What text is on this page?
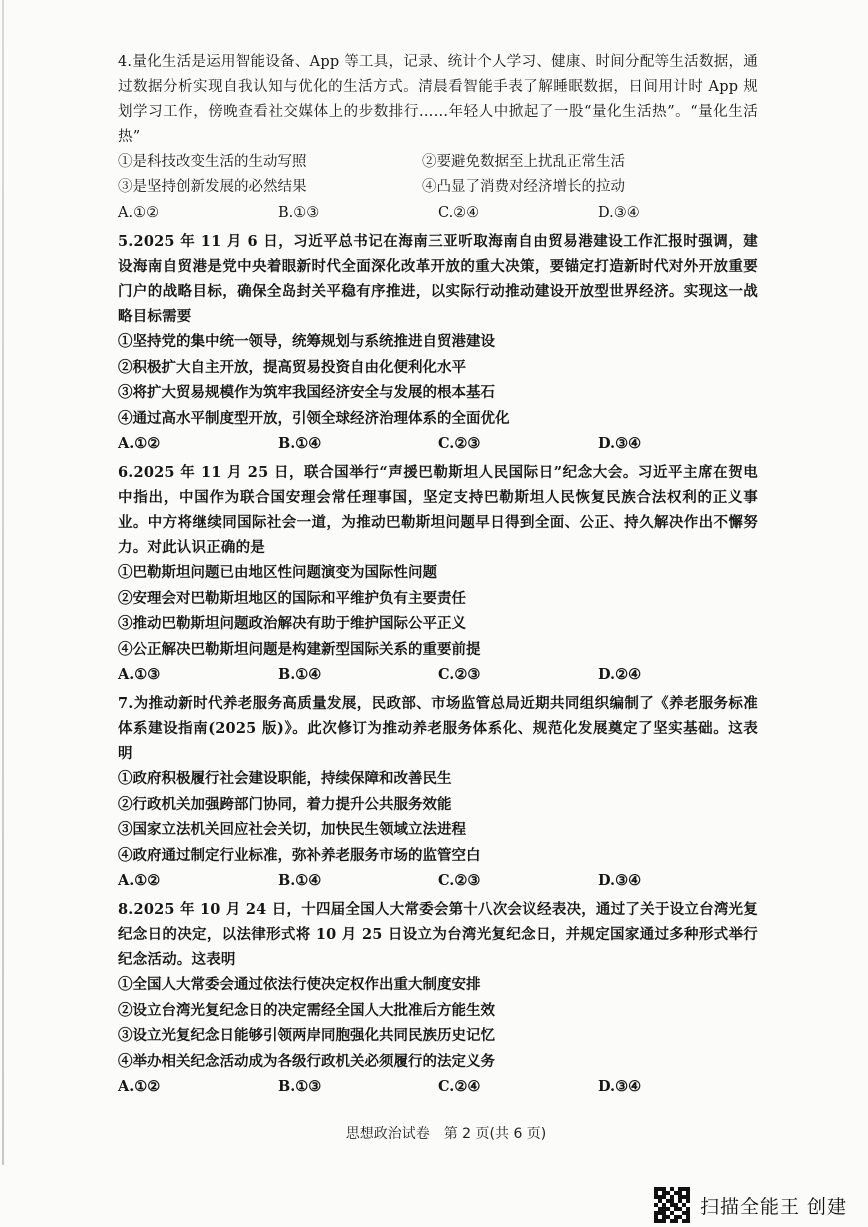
4.量化生活是运用智能设备、App 等工具，记录、统计个人学习、健康、时间分配等生活数据，通过数据分析实现自我认知与优化的生活方式。清晨看智能手表了解睡眠数据，日间用计时 App 规划学习工作，傍晚查看社交媒体上的步数排行……年轻人中掀起了一股“量化生活热”。“量化生活热”

①是科技改变生活的生动写照	②要避免数据至上扰乱正常生活
③是坚持创新发展的必然结果	④凸显了消费对经济增长的拉动
A.①②	B.①③	C.②④	D.③④

5.2025 年 11 月 6 日，习近平总书记在海南三亚听取海南自由贸易港建设工作汇报时强调，建设海南自贸港是党中央着眼新时代全面深化改革开放的重大决策，要锚定打造新时代对外开放重要门户的战略目标，确保全岛封关平稳有序推进，以实际行动推动建设开放型世界经济。实现这一战略目标需要

①坚持党的集中统一领导，统筹规划与系统推进自贸港建设
②积极扩大自主开放，提高贸易投资自由化便利化水平
③将扩大贸易规模作为筑牢我国经济安全与发展的根本基石
④通过高水平制度型开放，引领全球经济治理体系的全面优化
A.①②	B.①④	C.②③	D.③④

6.2025 年 11 月 25 日，联合国举行“声援巴勒斯坦人民国际日”纪念大会。习近平主席在贺电中指出，中国作为联合国安理会常任理事国，坚定支持巴勒斯坦人民恢复民族合法权利的正义事业。中方将继续同国际社会一道，为推动巴勒斯坦问题早日得到全面、公正、持久解决作出不懈努力。对此认识正确的是

①巴勒斯坦问题已由地区性问题演变为国际性问题
②安理会对巴勒斯坦地区的国际和平维护负有主要责任
③推动巴勒斯坦问题政治解决有助于维护国际公平正义
④公正解决巴勒斯坦问题是构建新型国际关系的重要前提
A.①③	B.①④	C.②③	D.②④

7.为推动新时代养老服务高质量发展，民政部、市场监管总局近期共同组织编制了《养老服务标准体系建设指南(2025 版)》。此次修订为推动养老服务体系化、规范化发展奠定了坚实基础。这表明

①政府积极履行社会建设职能，持续保障和改善民生
②行政机关加强跨部门协同，着力提升公共服务效能
③国家立法机关回应社会关切，加快民生领域立法进程
④政府通过制定行业标准，弥补养老服务市场的监管空白
A.①②	B.①④	C.②③	D.③④

8.2025 年 10 月 24 日，十四届全国人大常委会第十八次会议经表决，通过了关于设立台湾光复纪念日的决定，以法律形式将 10 月 25 日设立为台湾光复纪念日，并规定国家通过多种形式举行纪念活动。这表明

①全国人大常委会通过依法行使决定权作出重大制度安排
②设立台湾光复纪念日的决定需经全国人大批准后方能生效
③设立光复纪念日能够引领两岸同胞强化共同民族历史记忆
④举办相关纪念活动成为各级行政机关必须履行的法定义务
A.①②	B.①③	C.②④	D.③④
思想政治试卷　第 2 页(共 6 页)
扫描全能王 创建
